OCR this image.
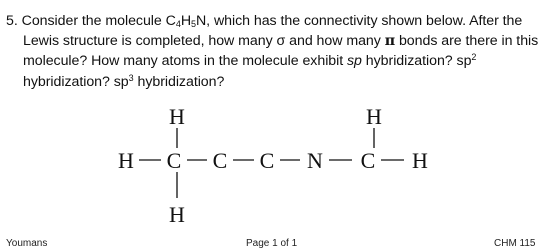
5. Consider the molecule $C_4H_5N$, which has the connectivity shown below. After the
Lewis structure is completed, how many σ and how many π bonds are there in this
molecule? How many atoms in the molecule exhibit sp hybridization? $sp^2$
hybridization? $sp^3$ hybridization?
H C C C N C H
H
H
H
Youmans	Page 1 of 1	CHM 115
